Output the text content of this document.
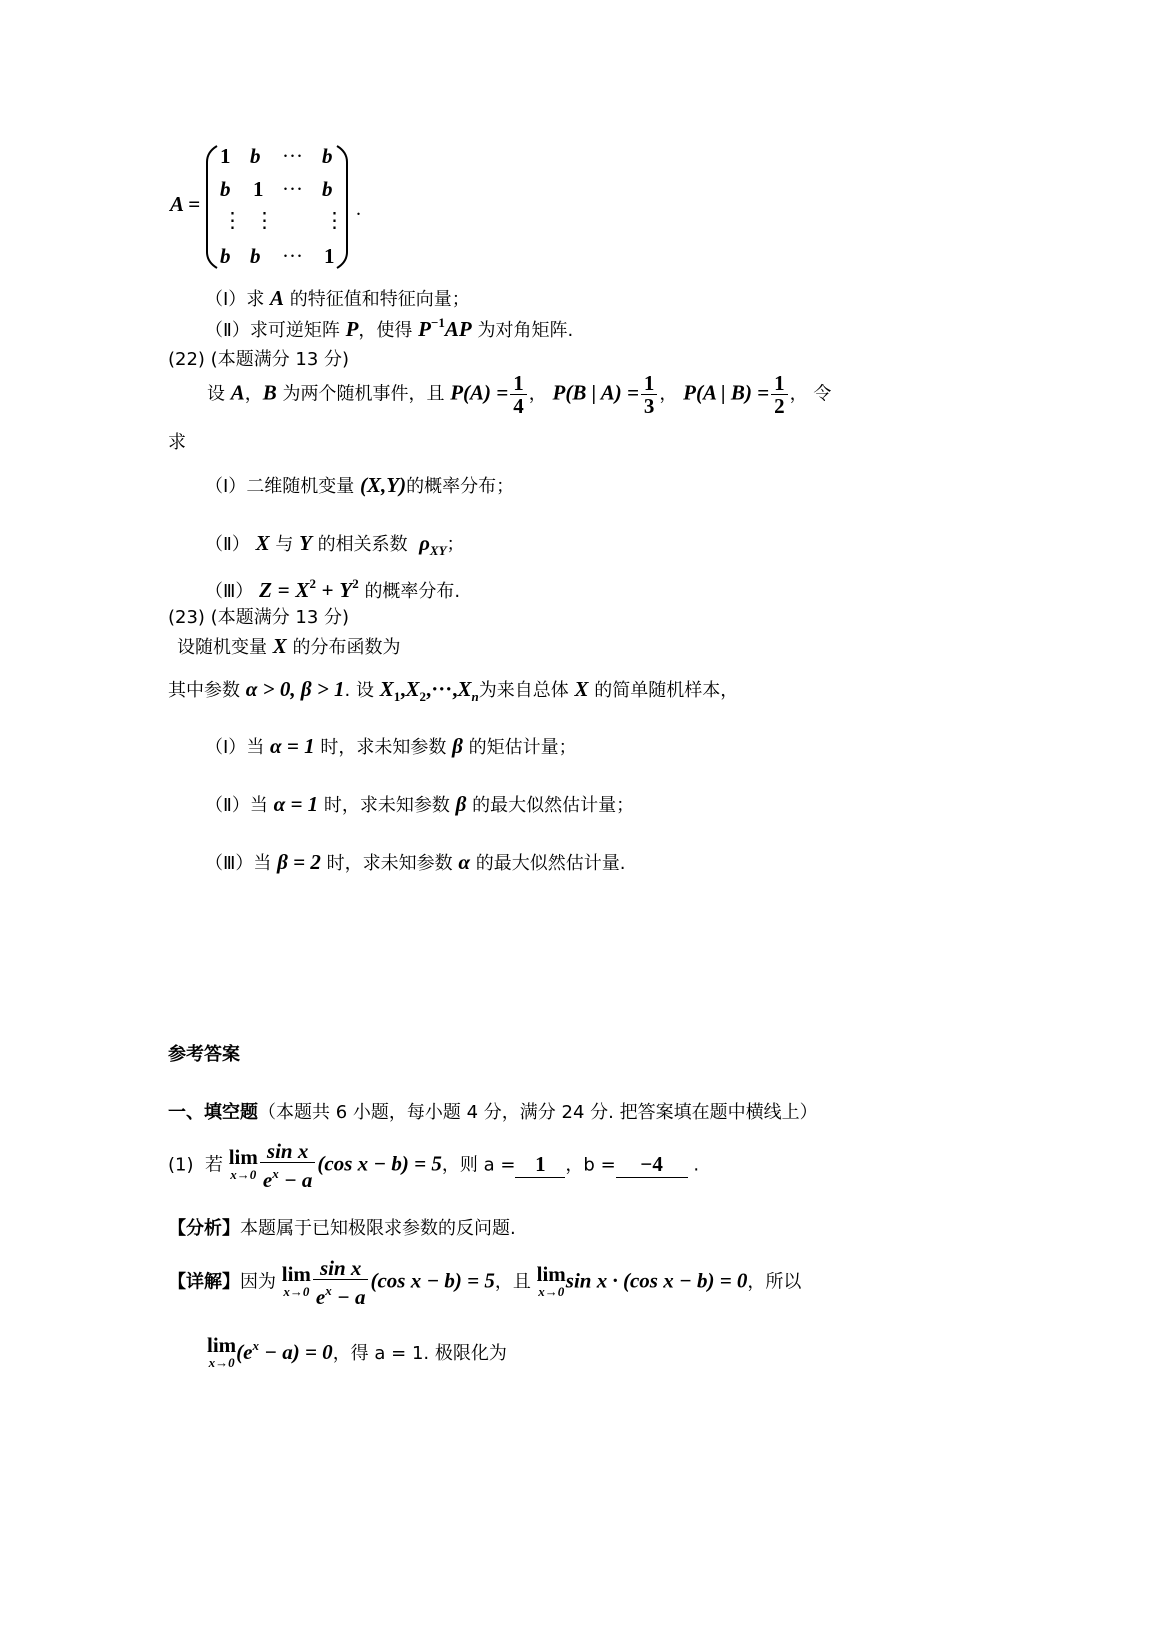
A =
1 b ··· b
b 1 ··· b
⋮ ⋮ ⋮
b b ··· 1
.
（Ⅰ）求 A 的特征值和特征向量；
（Ⅱ）求可逆矩阵 P，使得 $P^{-1}AP$ 为对角矩阵.
(22) (本题满分 13 分)
设 A，B 为两个随机事件，且 $P(A) = \frac{1}{4}$ ， P(B | $A) = \frac{1}{3}$ ， P(A | $B) = \frac{1}{2}$ ， 令
求
（Ⅰ）二维随机变量 (X,Y)的概率分布；
（Ⅱ） X 与 Y 的相关系数 $\rho_{XY}$；
（Ⅲ） $Z = X^2 + Y^2$ 的概率分布.
(23) (本题满分 13 分)
设随机变量 X 的分布函数为
其中参数 α > 0, β > 1. 设 $X_1,X_2,\cdot\cdot\cdot,X_n$为来自总体 X 的简单随机样本，
（Ⅰ）当 α = 1 时，求未知参数 β 的矩估计量；
（Ⅱ）当 α = 1 时，求未知参数 β 的最大似然估计量；
（Ⅲ）当 β = 2 时，求未知参数 α 的最大似然估计量.
参考答案
一、填空题（本题共 6 小题，每小题 4 分，满分 24 分. 把答案填在题中横线上）
(1) 若 lim
$x\to 0 \frac{\text{sin x}}{e^x - a} (\cos$ x − b) = 5，则 a = 1 ，b = −4 .
【分析】本题属于已知极限求参数的反问题.
【详解】因为 lim
$x\to 0 \frac{\text{sin x}}{e^x - a} (\cos$ x − b) = 5，且 lim
x→0 sin x · (cos x − b) = 0，所以
lim
x→0 $(e^x - a) = 0$，得 a = 1. 极限化为
